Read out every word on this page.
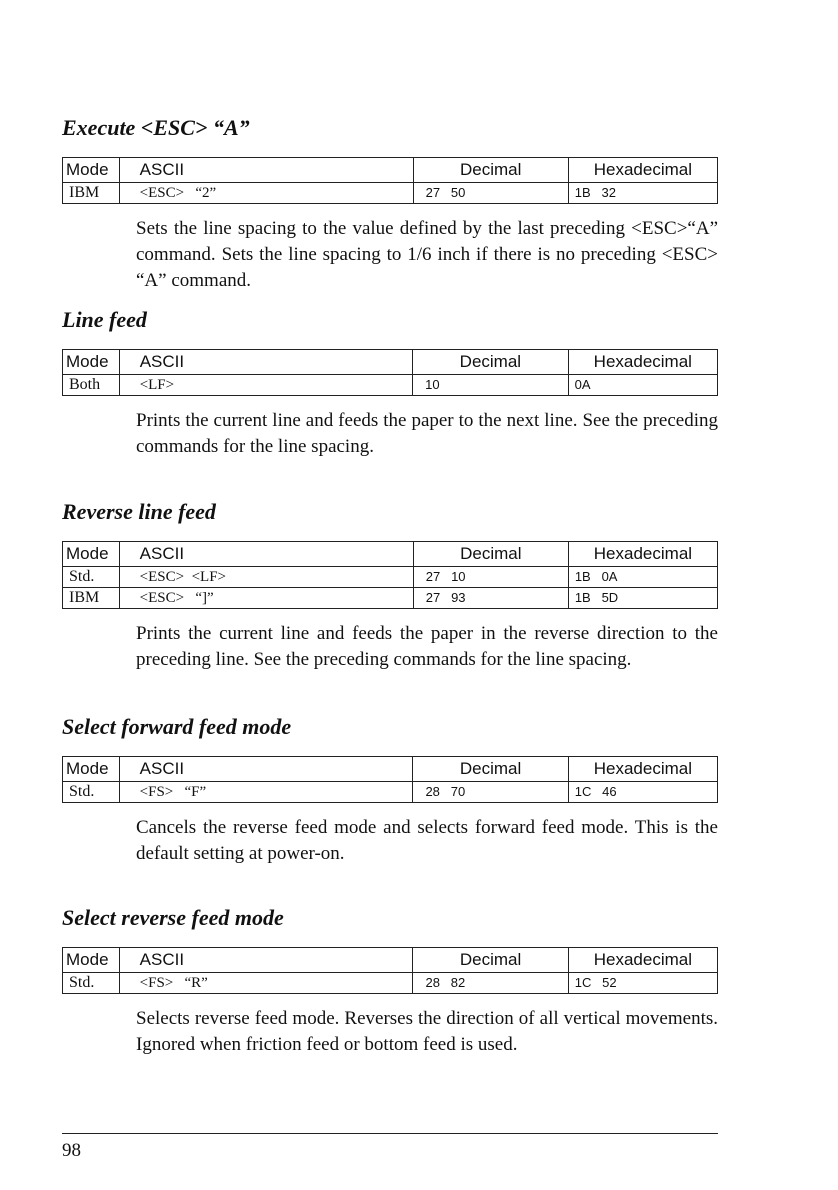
Execute <ESC> “A”
Mode	ASCII	Decimal	Hexadecimal
IBM	<ESC>   “2”	27   50	1B   32

Sets the line spacing to the value defined by the last preceding <ESC>“A” command. Sets the line spacing to 1/6 inch if there is no preceding <ESC> “A” command.

Line feed
Mode	ASCII	Decimal	Hexadecimal
Both	<LF>	10	0A

Prints the current line and feeds the paper to the next line. See the preceding commands for the line spacing.

Reverse line feed
Mode	ASCII	Decimal	Hexadecimal
Std.	<ESC>  <LF>	27   10	1B   0A
IBM	<ESC>   “]”	27   93	1B   5D

Prints the current line and feeds the paper in the reverse direction to the preceding line. See the preceding commands for the line spacing.

Select forward feed mode
Mode	ASCII	Decimal	Hexadecimal
Std.	<FS>   “F”	28   70	1C   46

Cancels the reverse feed mode and selects forward feed mode. This is the default setting at power-on.

Select reverse feed mode
Mode	ASCII	Decimal	Hexadecimal
Std.	<FS>   “R”	28   82	1C   52

Selects reverse feed mode. Reverses the direction of all vertical movements. Ignored when friction feed or bottom feed is used.

98
